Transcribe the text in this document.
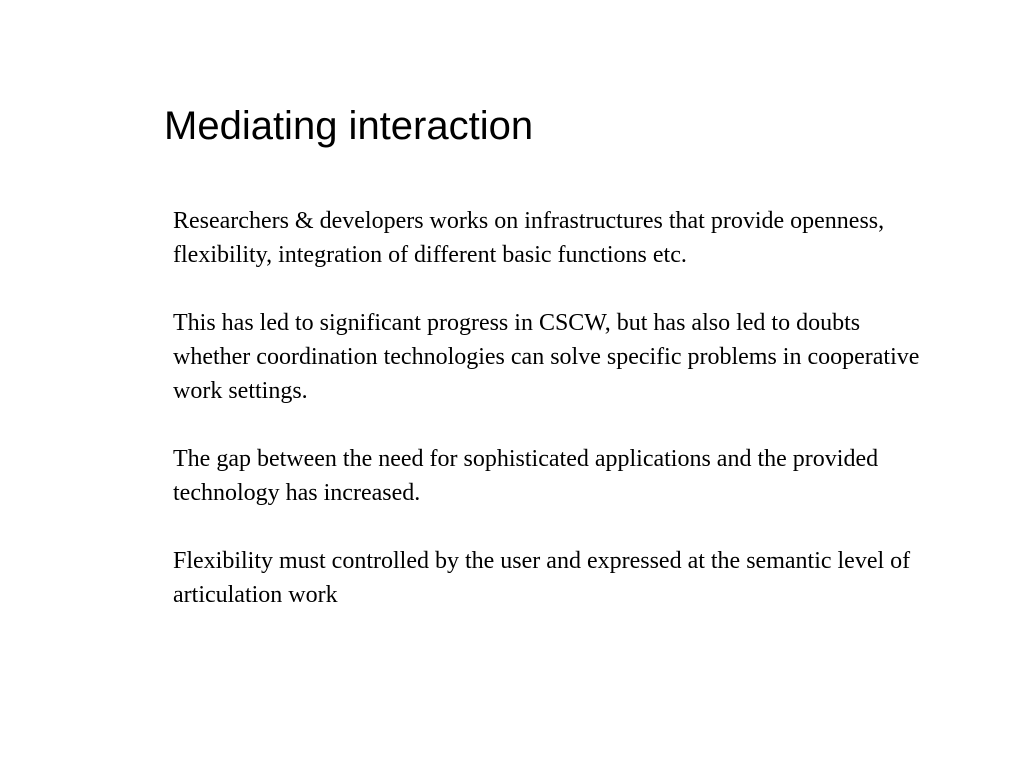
Mediating interaction

Researchers & developers works on infrastructures that provide openness, flexibility, integration of different basic functions etc.

This has led to significant progress in CSCW, but has also led to doubts whether coordination technologies can solve specific problems in cooperative work settings.

The gap between the need for sophisticated applications and the provided technology has increased.

Flexibility must controlled by the user and expressed at the semantic level of articulation work
